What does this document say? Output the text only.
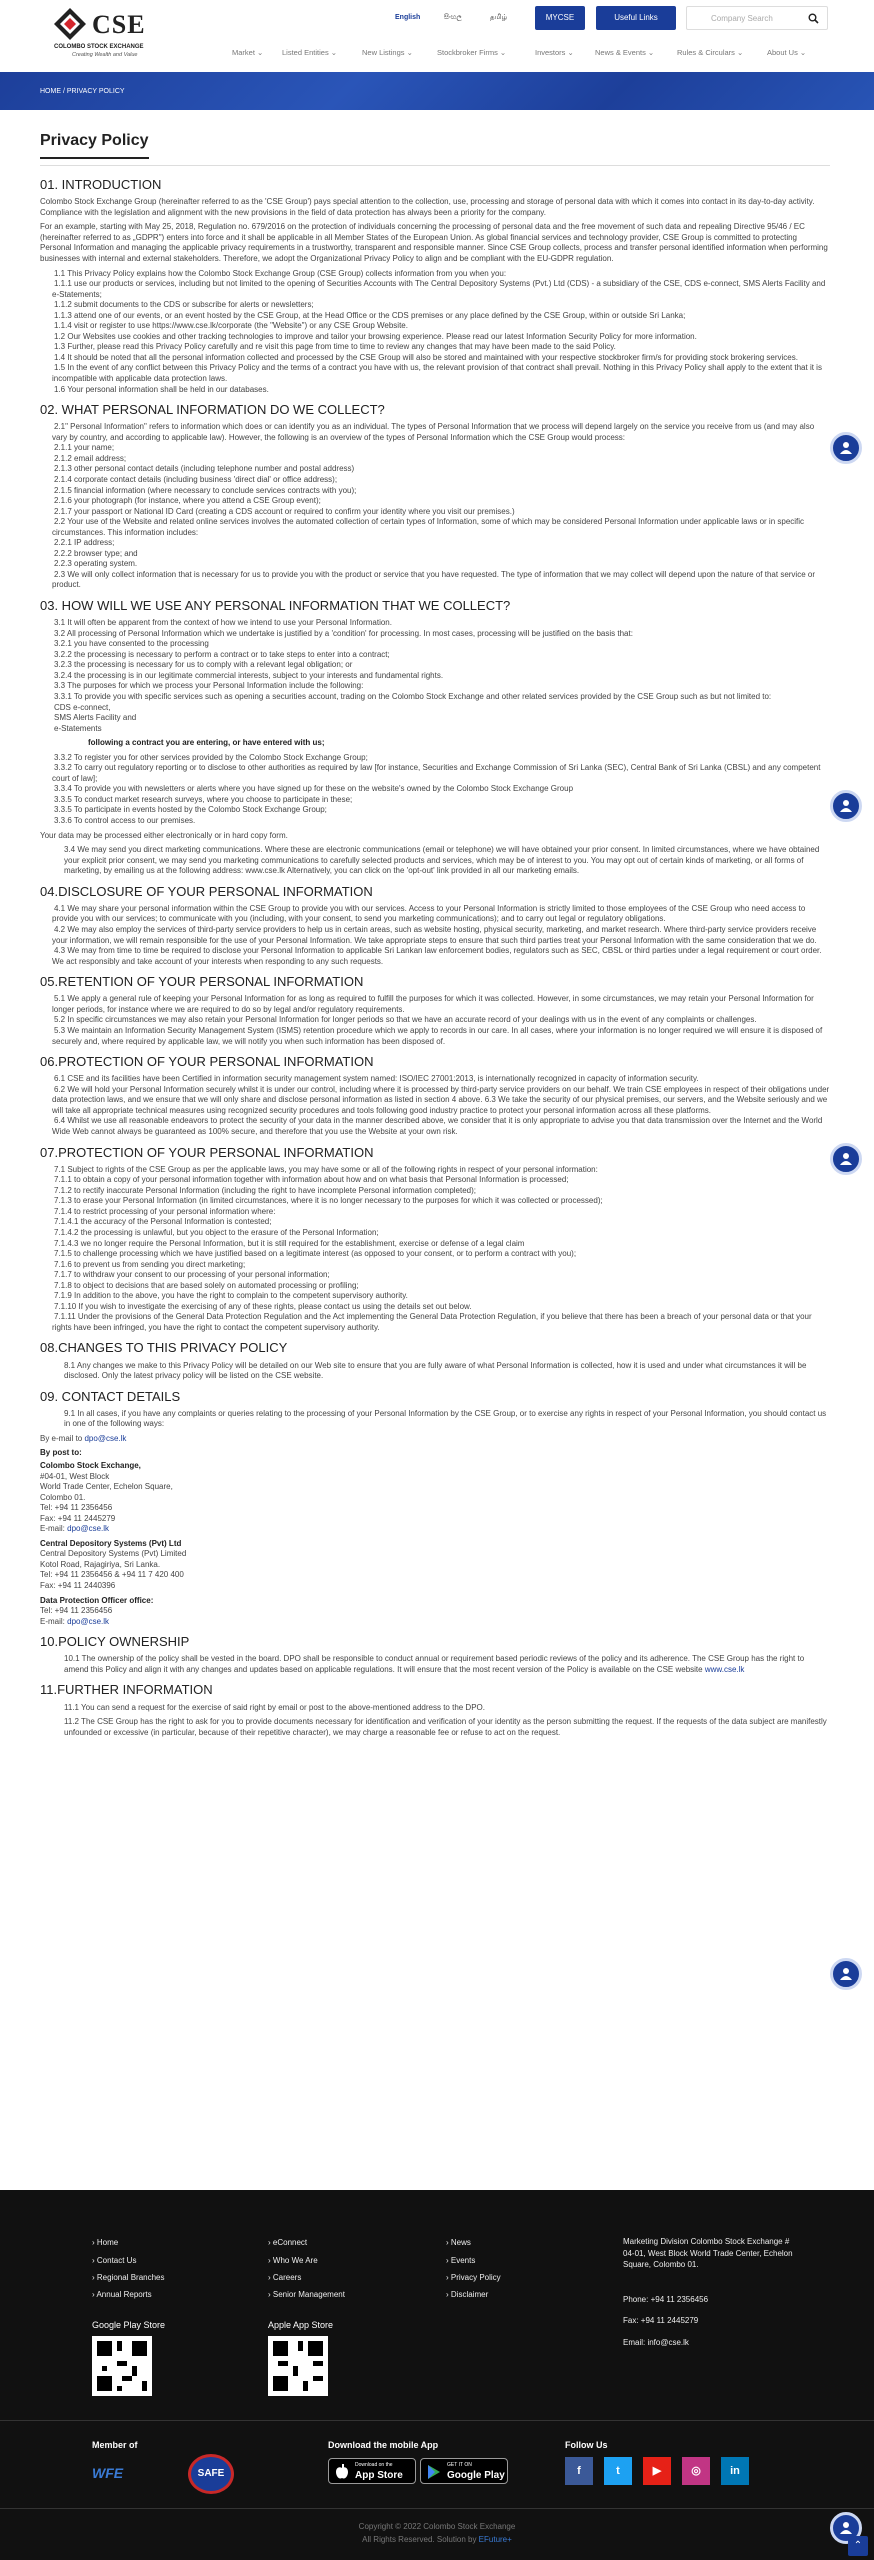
CSE
COLOMBO STOCK EXCHANGE
Creating Wealth and Value
English	සිංහල	தமிழ்	MYCSE	Useful Links	Company Search
Market ⌄ Listed Entities ⌄	New Listings ⌄	Stockbroker Firms ⌄	Investors ⌄	News & Events ⌄	Rules & Circulars ⌄	About Us ⌄
HOME / PRIVACY POLICY
Privacy Policy
01. INTRODUCTION

Colombo Stock Exchange Group (hereinafter referred to as the 'CSE Group') pays special attention to the collection, use, processing and storage of personal data with which it comes into contact in its day-to-day activity. Compliance with the legislation and alignment with the new provisions in the field of data protection has always been a priority for the company.

For an example, starting with May 25, 2018, Regulation no. 679/2016 on the protection of individuals concerning the processing of personal data and the free movement of such data and repealing Directive 95/46 / EC (hereinafter referred to as „GDPR") enters into force and it shall be applicable in all Member States of the European Union. As global financial services and technology provider, CSE Group is committed to protecting Personal Information and managing the applicable privacy requirements in a trustworthy, transparent and responsible manner. Since CSE Group collects, process and transfer personal identified information when performing businesses with internal and external stakeholders. Therefore, we adopt the Organizational Privacy Policy to align and be compliant with the EU-GDPR regulation.

1.1 This Privacy Policy explains how the Colombo Stock Exchange Group (CSE Group) collects information from you when you:
1.1.1 use our products or services, including but not limited to the opening of Securities Accounts with The Central Depository Systems (Pvt.) Ltd (CDS) - a subsidiary of the CSE, CDS e-connect, SMS Alerts Facility and e-Statements;
1.1.2 submit documents to the CDS or subscribe for alerts or newsletters;
1.1.3 attend one of our events, or an event hosted by the CSE Group, at the Head Office or the CDS premises or any place defined by the CSE Group, within or outside Sri Lanka;
1.1.4 visit or register to use https://www.cse.lk/corporate (the "Website") or any CSE Group Website.
1.2 Our Websites use cookies and other tracking technologies to improve and tailor your browsing experience. Please read our latest Information Security Policy for more information.
1.3 Further, please read this Privacy Policy carefully and re visit this page from time to time to review any changes that may have been made to the said Policy.
1.4 It should be noted that all the personal information collected and processed by the CSE Group will also be stored and maintained with your respective stockbroker firm/s for providing stock brokering services.
1.5 In the event of any conflict between this Privacy Policy and the terms of a contract you have with us, the relevant provision of that contract shall prevail. Nothing in this Privacy Policy shall apply to the extent that it is incompatible with applicable data protection laws.
1.6 Your personal information shall be held in our databases.
02. WHAT PERSONAL INFORMATION DO WE COLLECT?
2.1" Personal Information" refers to information which does or can identify you as an individual. The types of Personal Information that we process will depend largely on the service you receive from us (and may also vary by country, and according to applicable law). However, the following is an overview of the types of Personal Information which the CSE Group would process:
2.1.1 your name;
2.1.2 email address;
2.1.3 other personal contact details (including telephone number and postal address)
2.1.4 corporate contact details (including business 'direct dial' or office address);
2.1.5 financial information (where necessary to conclude services contracts with you);
2.1.6 your photograph (for instance, where you attend a CSE Group event);
2.1.7 your passport or National ID Card (creating a CDS account or required to confirm your identity where you visit our premises.)
2.2 Your use of the Website and related online services involves the automated collection of certain types of Information, some of which may be considered Personal Information under applicable laws or in specific circumstances. This information includes:
2.2.1 IP address;
2.2.2 browser type; and
2.2.3 operating system.
2.3 We will only collect information that is necessary for us to provide you with the product or service that you have requested. The type of information that we may collect will depend upon the nature of that service or product.
03. HOW WILL WE USE ANY PERSONAL INFORMATION THAT WE COLLECT?
3.1 It will often be apparent from the context of how we intend to use your Personal Information.
3.2 All processing of Personal Information which we undertake is justified by a 'condition' for processing. In most cases, processing will be justified on the basis that:
3.2.1 you have consented to the processing
3.2.2 the processing is necessary to perform a contract or to take steps to enter into a contract;
3.2.3 the processing is necessary for us to comply with a relevant legal obligation; or
3.2.4 the processing is in our legitimate commercial interests, subject to your interests and fundamental rights.
3.3 The purposes for which we process your Personal Information include the following:
3.3.1 To provide you with specific services such as opening a securities account, trading on the Colombo Stock Exchange and other related services provided by the CSE Group such as but not limited to:
CDS e-connect,
SMS Alerts Facility and
e-Statements

following a contract you are entering, or have entered with us;

3.3.2 To register you for other services provided by the Colombo Stock Exchange Group;
3.3.2 To carry out regulatory reporting or to disclose to other authorities as required by law [for instance, Securities and Exchange Commission of Sri Lanka (SEC), Central Bank of Sri Lanka (CBSL) and any competent court of law];
3.3.4 To provide you with newsletters or alerts where you have signed up for these on the website's owned by the Colombo Stock Exchange Group
3.3.5 To conduct market research surveys, where you choose to participate in these;
3.3.5 To participate in events hosted by the Colombo Stock Exchange Group;
3.3.6 To control access to our premises.

Your data may be processed either electronically or in hard copy form.

3.4 We may send you direct marketing communications. Where these are electronic communications (email or telephone) we will have obtained your prior consent. In limited circumstances, where we have obtained your explicit prior consent, we may send you marketing communications to carefully selected products and services, which may be of interest to you. You may opt out of certain kinds of marketing, or all forms of marketing, by emailing us at the following address: www.cse.lk Alternatively, you can click on the 'opt-out' link provided in all our marketing emails.

04.DISCLOSURE OF YOUR PERSONAL INFORMATION
4.1 We may share your personal information within the CSE Group to provide you with our services. Access to your Personal Information is strictly limited to those employees of the CSE Group who need access to provide you with our services; to communicate with you (including, with your consent, to send you marketing communications); and to carry out legal or regulatory obligations.
4.2 We may also employ the services of third-party service providers to help us in certain areas, such as website hosting, physical security, marketing, and market research. Where third-party service providers receive your information, we will remain responsible for the use of your Personal Information. We take appropriate steps to ensure that such third parties treat your Personal Information with the same consideration that we do.
4.3 We may from time to time be required to disclose your Personal Information to applicable Sri Lankan law enforcement bodies, regulators such as SEC, CBSL or third parties under a legal requirement or court order. We act responsibly and take account of your interests when responding to any such requests.
05.RETENTION OF YOUR PERSONAL INFORMATION
5.1 We apply a general rule of keeping your Personal Information for as long as required to fulfill the purposes for which it was collected. However, in some circumstances, we may retain your Personal Information for longer periods, for instance where we are required to do so by legal and/or regulatory requirements.
5.2 In specific circumstances we may also retain your Personal Information for longer periods so that we have an accurate record of your dealings with us in the event of any complaints or challenges.
5.3 We maintain an Information Security Management System (ISMS) retention procedure which we apply to records in our care. In all cases, where your information is no longer required we will ensure it is disposed of securely and, where required by applicable law, we will notify you when such information has been disposed of.
06.PROTECTION OF YOUR PERSONAL INFORMATION
6.1 CSE and its facilities have been Certified in information security management system named: ISO/IEC 27001:2013, is internationally recognized in capacity of information security.
6.2 We will hold your Personal Information securely whilst it is under our control, including where it is processed by third-party service providers on our behalf. We train CSE employees in respect of their obligations under data protection laws, and we ensure that we will only share and disclose personal information as listed in section 4 above. 6.3 We take the security of our physical premises, our servers, and the Website seriously and we will take all appropriate technical measures using recognized security procedures and tools following good industry practice to protect your personal information across all these platforms.
6.4 Whilst we use all reasonable endeavors to protect the security of your data in the manner described above, we consider that it is only appropriate to advise you that data transmission over the Internet and the World Wide Web cannot always be guaranteed as 100% secure, and therefore that you use the Website at your own risk.
07.PROTECTION OF YOUR PERSONAL INFORMATION
7.1 Subject to rights of the CSE Group as per the applicable laws, you may have some or all of the following rights in respect of your personal information:
7.1.1 to obtain a copy of your personal information together with information about how and on what basis that Personal Information is processed;
7.1.2 to rectify inaccurate Personal Information (including the right to have incomplete Personal information completed);
7.1.3 to erase your Personal Information (in limited circumstances, where it is no longer necessary to the purposes for which it was collected or processed);
7.1.4 to restrict processing of your personal information where:
7.1.4.1 the accuracy of the Personal Information is contested;
7.1.4.2 the processing is unlawful, but you object to the erasure of the Personal Information;
7.1.4.3 we no longer require the Personal Information, but it is still required for the establishment, exercise or defense of a legal claim
7.1.5 to challenge processing which we have justified based on a legitimate interest (as opposed to your consent, or to perform a contract with you);
7.1.6 to prevent us from sending you direct marketing;
7.1.7 to withdraw your consent to our processing of your personal information;
7.1.8 to object to decisions that are based solely on automated processing or profiling;
7.1.9 In addition to the above, you have the right to complain to the competent supervisory authority.
7.1.10 If you wish to investigate the exercising of any of these rights, please contact us using the details set out below.
7.1.11 Under the provisions of the General Data Protection Regulation and the Act implementing the General Data Protection Regulation, if you believe that there has been a breach of your personal data or that your rights have been infringed, you have the right to contact the competent supervisory authority.
08.CHANGES TO THIS PRIVACY POLICY

8.1 Any changes we make to this Privacy Policy will be detailed on our Web site to ensure that you are fully aware of what Personal Information is collected, how it is used and under what circumstances it will be disclosed. Only the latest privacy policy will be listed on the CSE website.

09. CONTACT DETAILS

9.1 In all cases, if you have any complaints or queries relating to the processing of your Personal Information by the CSE Group, or to exercise any rights in respect of your Personal Information, you should contact us in one of the following ways:

By e-mail to dpo@cse.lk

By post to:

Colombo Stock Exchange,
#04-01, West Block
World Trade Center, Echelon Square,
Colombo 01.
Tel: +94 11 2356456
Fax: +94 11 2445279
E-mail: dpo@cse.lk
Central Depository Systems (Pvt) Ltd
Central Depository Systems (Pvt) Limited
Kotol Road, Rajagiriya, Sri Lanka.
Tel: +94 11 2356456 & +94 11 7 420 400
Fax: +94 11 2440396
Data Protection Officer office:
Tel: +94 11 2356456
E-mail: dpo@cse.lk
10.POLICY OWNERSHIP

10.1 The ownership of the policy shall be vested in the board. DPO shall be responsible to conduct annual or requirement based periodic reviews of the policy and its adherence. The CSE Group has the right to amend this Policy and align it with any changes and updates based on applicable regulations. It will ensure that the most recent version of the Policy is available on the CSE website www.cse.lk

11.FURTHER INFORMATION

11.1 You can send a request for the exercise of said right by email or post to the above-mentioned address to the DPO.

11.2 The CSE Group has the right to ask for you to provide documents necessary for identification and verification of your identity as the person submitting the request. If the requests of the data subject are manifestly unfounded or excessive (in particular, because of their repetitive character), we may charge a reasonable fee or refuse to act on the request.

› Home
› Contact Us
› Regional Branches
› Annual Reports
› eConnect
› Who We Are
› Careers
› Senior Management
› News
› Events
› Privacy Policy
› Disclaimer
Marketing Division Colombo Stock Exchange # 04-01, West Block World Trade Center, Echelon Square, Colombo 01.
Phone: +94 11 2356456
Fax: +94 11 2445279
Email: info@cse.lk
Google Play Store	Apple App Store
Member of	Download the mobile App	Follow Us
WFE	SAFE
Download on the
App Store
GET IT ON
Google Play	f	t	▶	◎	in
Copyright © 2022 Colombo Stock Exchange
All Rights Reserved. Solution by EFuture+
⌃
